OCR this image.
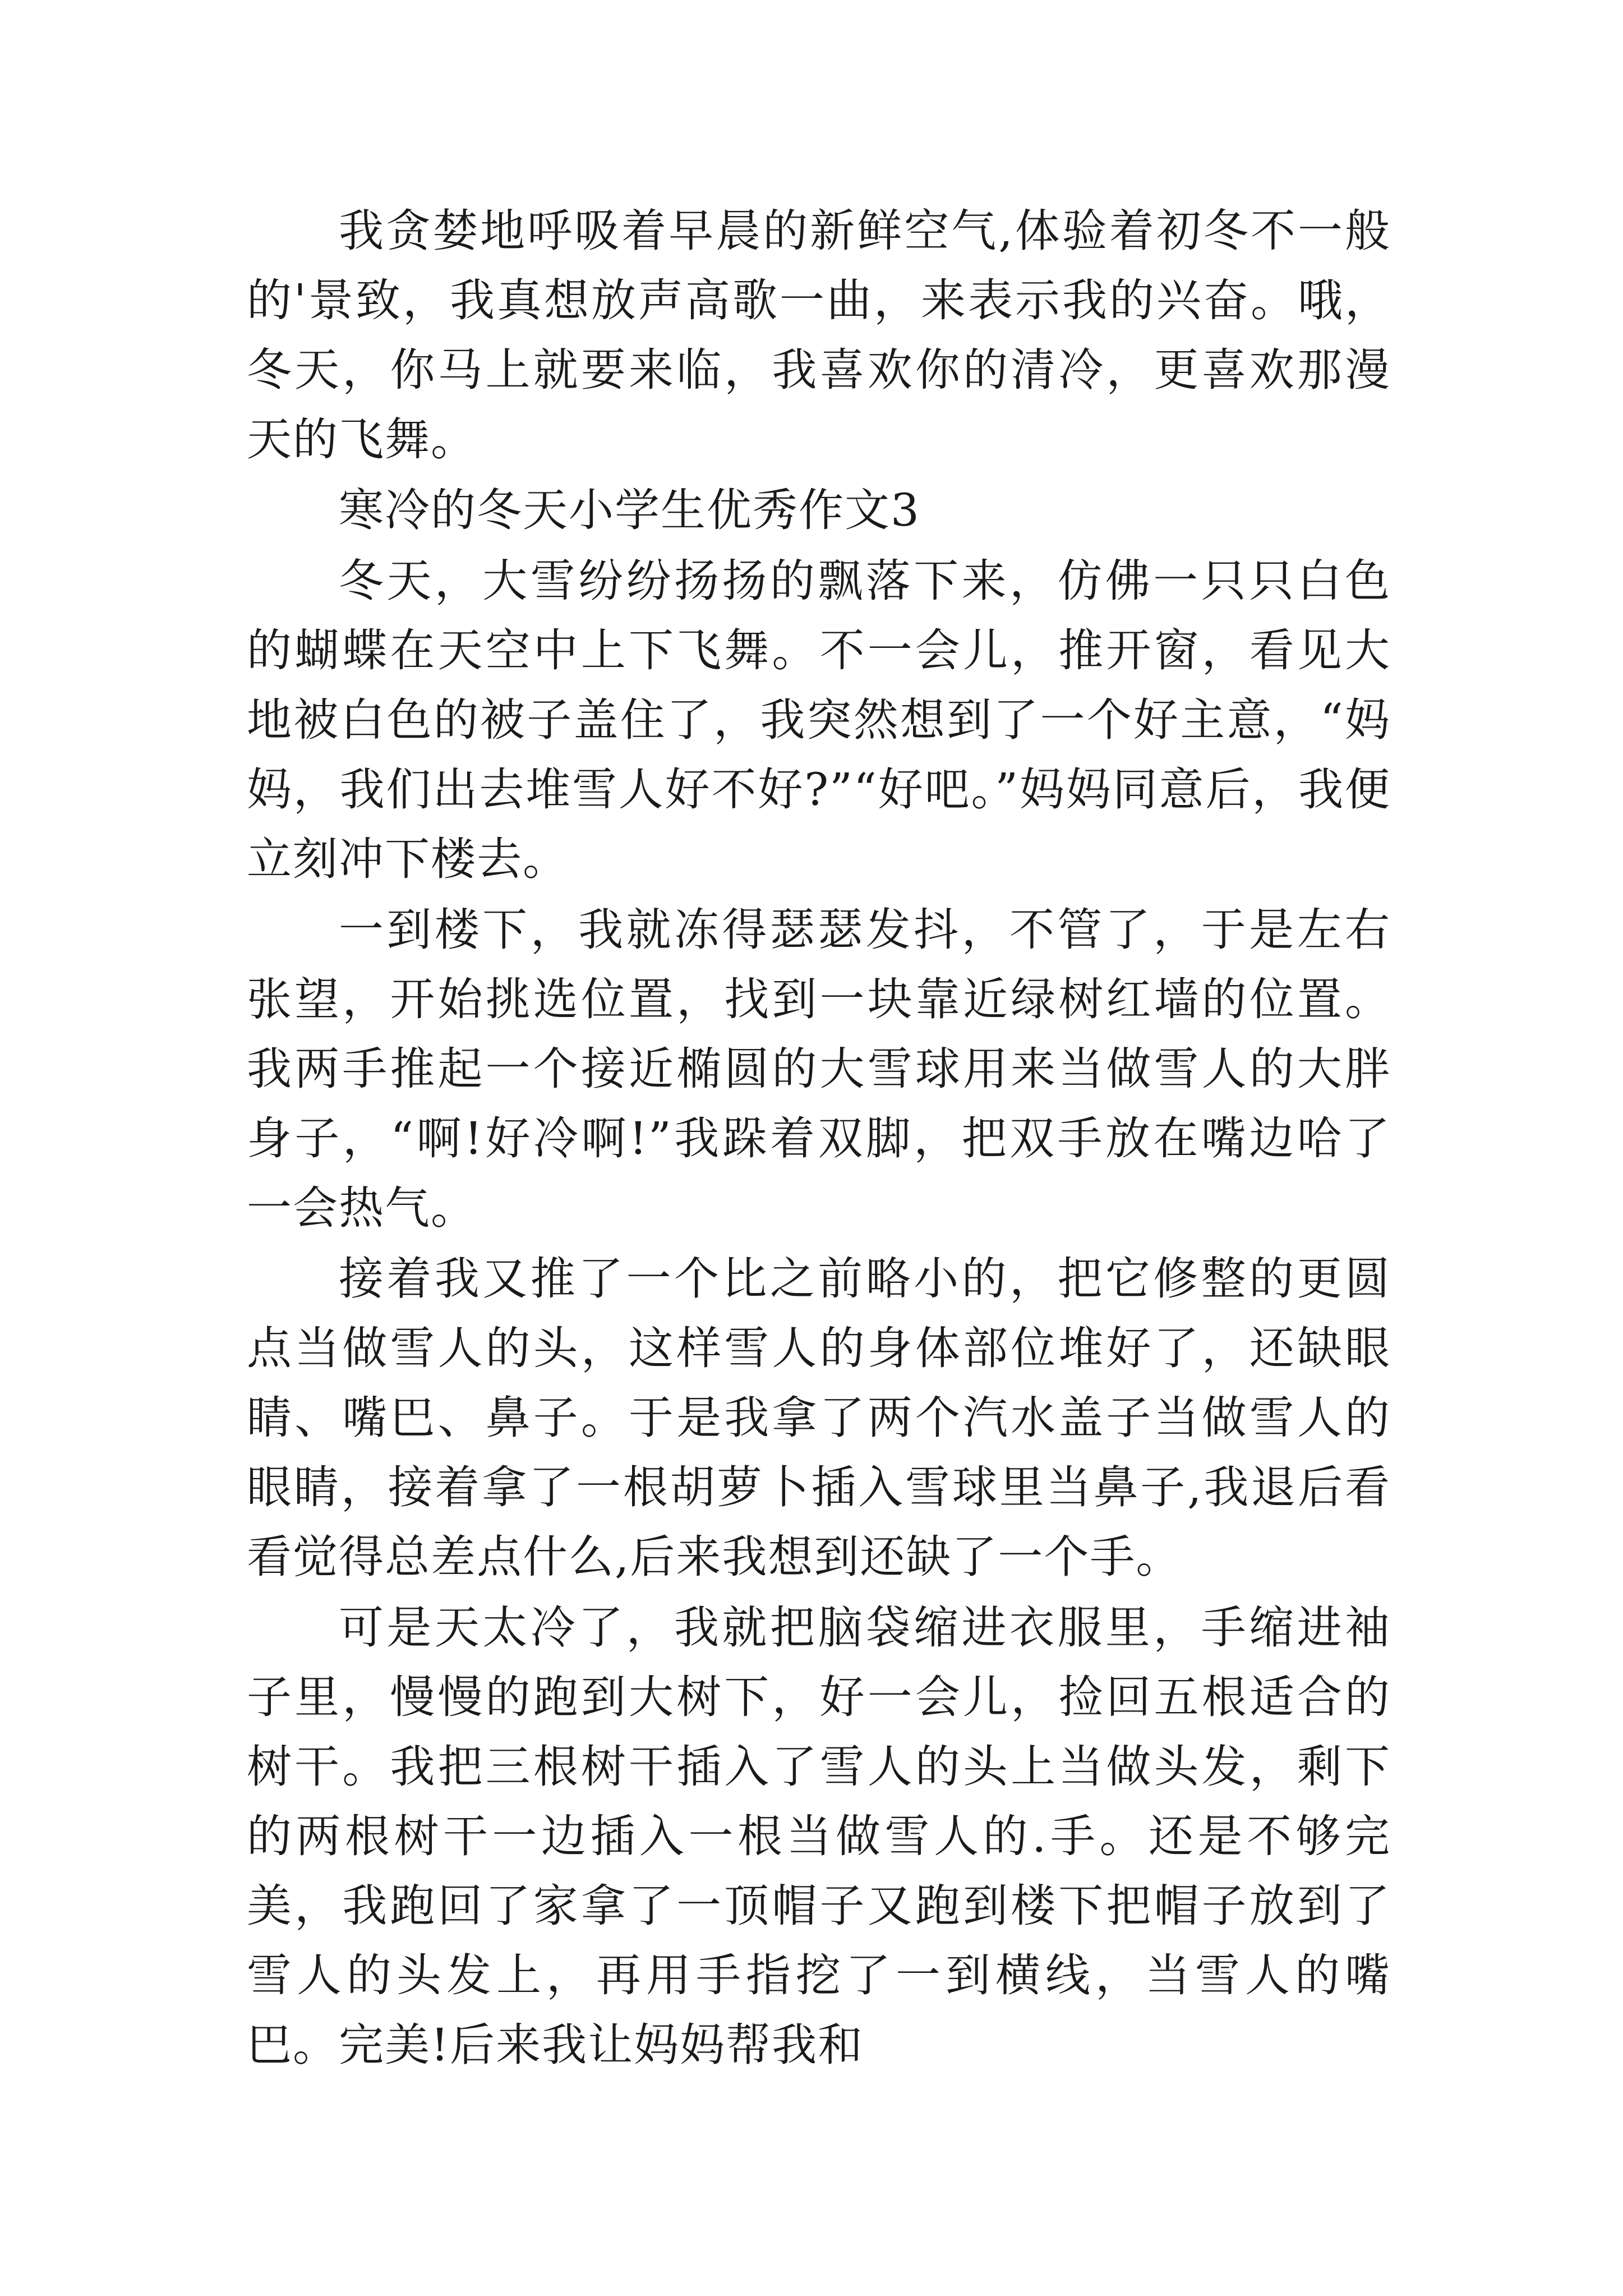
我贪婪地呼吸着早晨的新鲜空气,体验着初冬不一般的'景致，我真想放声高歌一曲，来表示我的兴奋。哦，冬天，你马上就要来临，我喜欢你的清冷，更喜欢那漫天的飞舞。

寒冷的冬天小学生优秀作文3

冬天，大雪纷纷扬扬的飘落下来，仿佛一只只白色的蝴蝶在天空中上下飞舞。不一会儿，推开窗，看见大地被白色的被子盖住了，我突然想到了一个好主意，“妈妈，我们出去堆雪人好不好?”“好吧。”妈妈同意后，我便立刻冲下楼去。

一到楼下，我就冻得瑟瑟发抖，不管了，于是左右张望，开始挑选位置，找到一块靠近绿树红墙的位置。我两手推起一个接近椭圆的大雪球用来当做雪人的大胖身子，“啊!好冷啊!”我跺着双脚，把双手放在嘴边哈了一会热气。

接着我又推了一个比之前略小的，把它修整的更圆点当做雪人的头，这样雪人的身体部位堆好了，还缺眼睛、嘴巴、鼻子。于是我拿了两个汽水盖子当做雪人的眼睛，接着拿了一根胡萝卜插入雪球里当鼻子,我退后看看觉得总差点什么,后来我想到还缺了一个手。

可是天太冷了，我就把脑袋缩进衣服里，手缩进袖子里，慢慢的跑到大树下，好一会儿，捡回五根适合的树干。我把三根树干插入了雪人的头上当做头发，剩下的两根树干一边插入一根当做雪人的.手。还是不够完美，我跑回了家拿了一顶帽子又跑到楼下把帽子放到了雪人的头发上，再用手指挖了一到横线，当雪人的嘴巴。完美!后来我让妈妈帮我和
